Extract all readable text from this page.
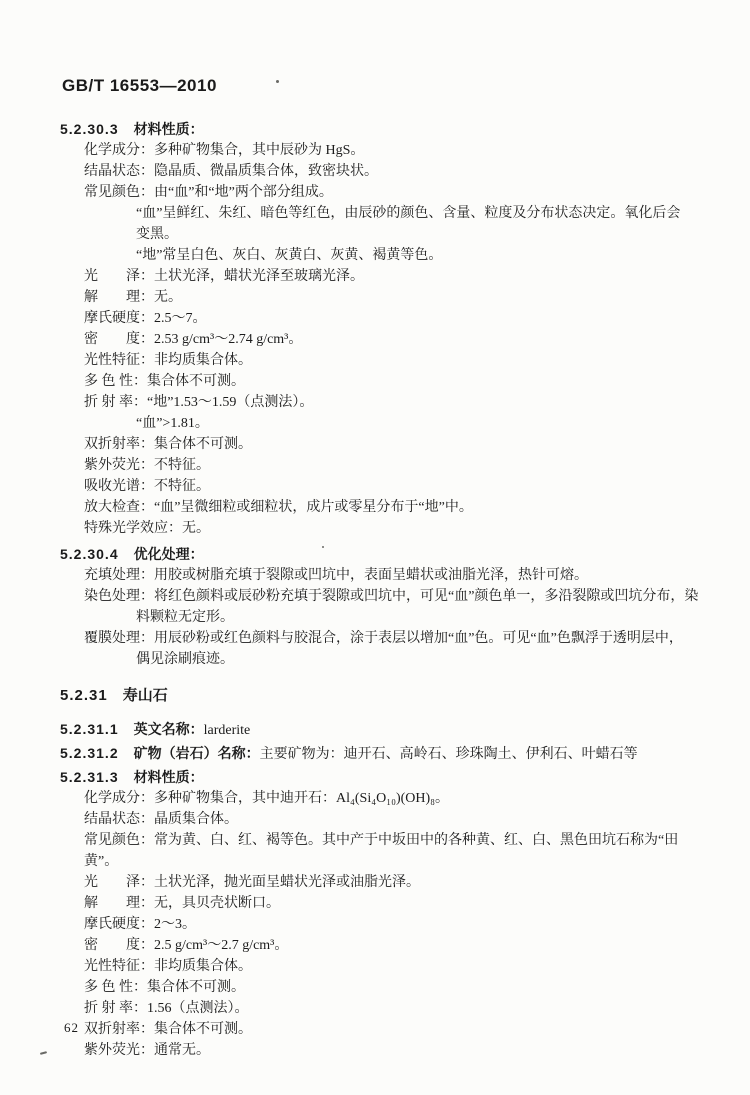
GB/T 16553—2010

5.2.30.3 材料性质：

化学成分：多种矿物集合，其中辰砂为 HgS。

结晶状态：隐晶质、微晶质集合体，致密块状。

常见颜色：由“血”和“地”两个部分组成。

“血”呈鲜红、朱红、暗色等红色，由辰砂的颜色、含量、粒度及分布状态决定。氧化后会

变黑。

“地”常呈白色、灰白、灰黄白、灰黄、褐黄等色。

光　　泽：土状光泽，蜡状光泽至玻璃光泽。

解　　理：无。

摩氏硬度：2.5～7。

密　　度：2.53 g/cm³～2.74 g/cm³。

光性特征：非均质集合体。

多 色 性：集合体不可测。

折 射 率：“地”1.53～1.59（点测法）。

“血”>1.81。

双折射率：集合体不可测。

紫外荧光：不特征。

吸收光谱：不特征。

放大检查：“血”呈微细粒或细粒状，成片或零星分布于“地”中。

特殊光学效应：无。

5.2.30.4 优化处理：

充填处理：用胶或树脂充填于裂隙或凹坑中，表面呈蜡状或油脂光泽，热针可熔。

染色处理：将红色颜料或辰砂粉充填于裂隙或凹坑中，可见“血”颜色单一，多沿裂隙或凹坑分布，染

料颗粒无定形。

覆膜处理：用辰砂粉或红色颜料与胶混合，涂于表层以增加“血”色。可见“血”色飘浮于透明层中，

偶见涂刷痕迹。

5.2.31 寿山石

5.2.31.1 英文名称：larderite

5.2.31.2 矿物（岩石）名称：主要矿物为：迪开石、高岭石、珍珠陶土、伊利石、叶蜡石等

5.2.31.3 材料性质：

化学成分：多种矿物集合，其中迪开石：Al₄(Si₄O₁₀)(OH)₈。

结晶状态：晶质集合体。

常见颜色：常为黄、白、红、褐等色。其中产于中坂田中的各种黄、红、白、黑色田坑石称为“田黄”。

光　　泽：土状光泽，抛光面呈蜡状光泽或油脂光泽。

解　　理：无，具贝壳状断口。

摩氏硬度：2～3。

密　　度：2.5 g/cm³～2.7 g/cm³。

光性特征：非均质集合体。

多 色 性：集合体不可测。

折 射 率：1.56（点测法）。

双折射率：集合体不可测。

紫外荧光：通常无。

62
